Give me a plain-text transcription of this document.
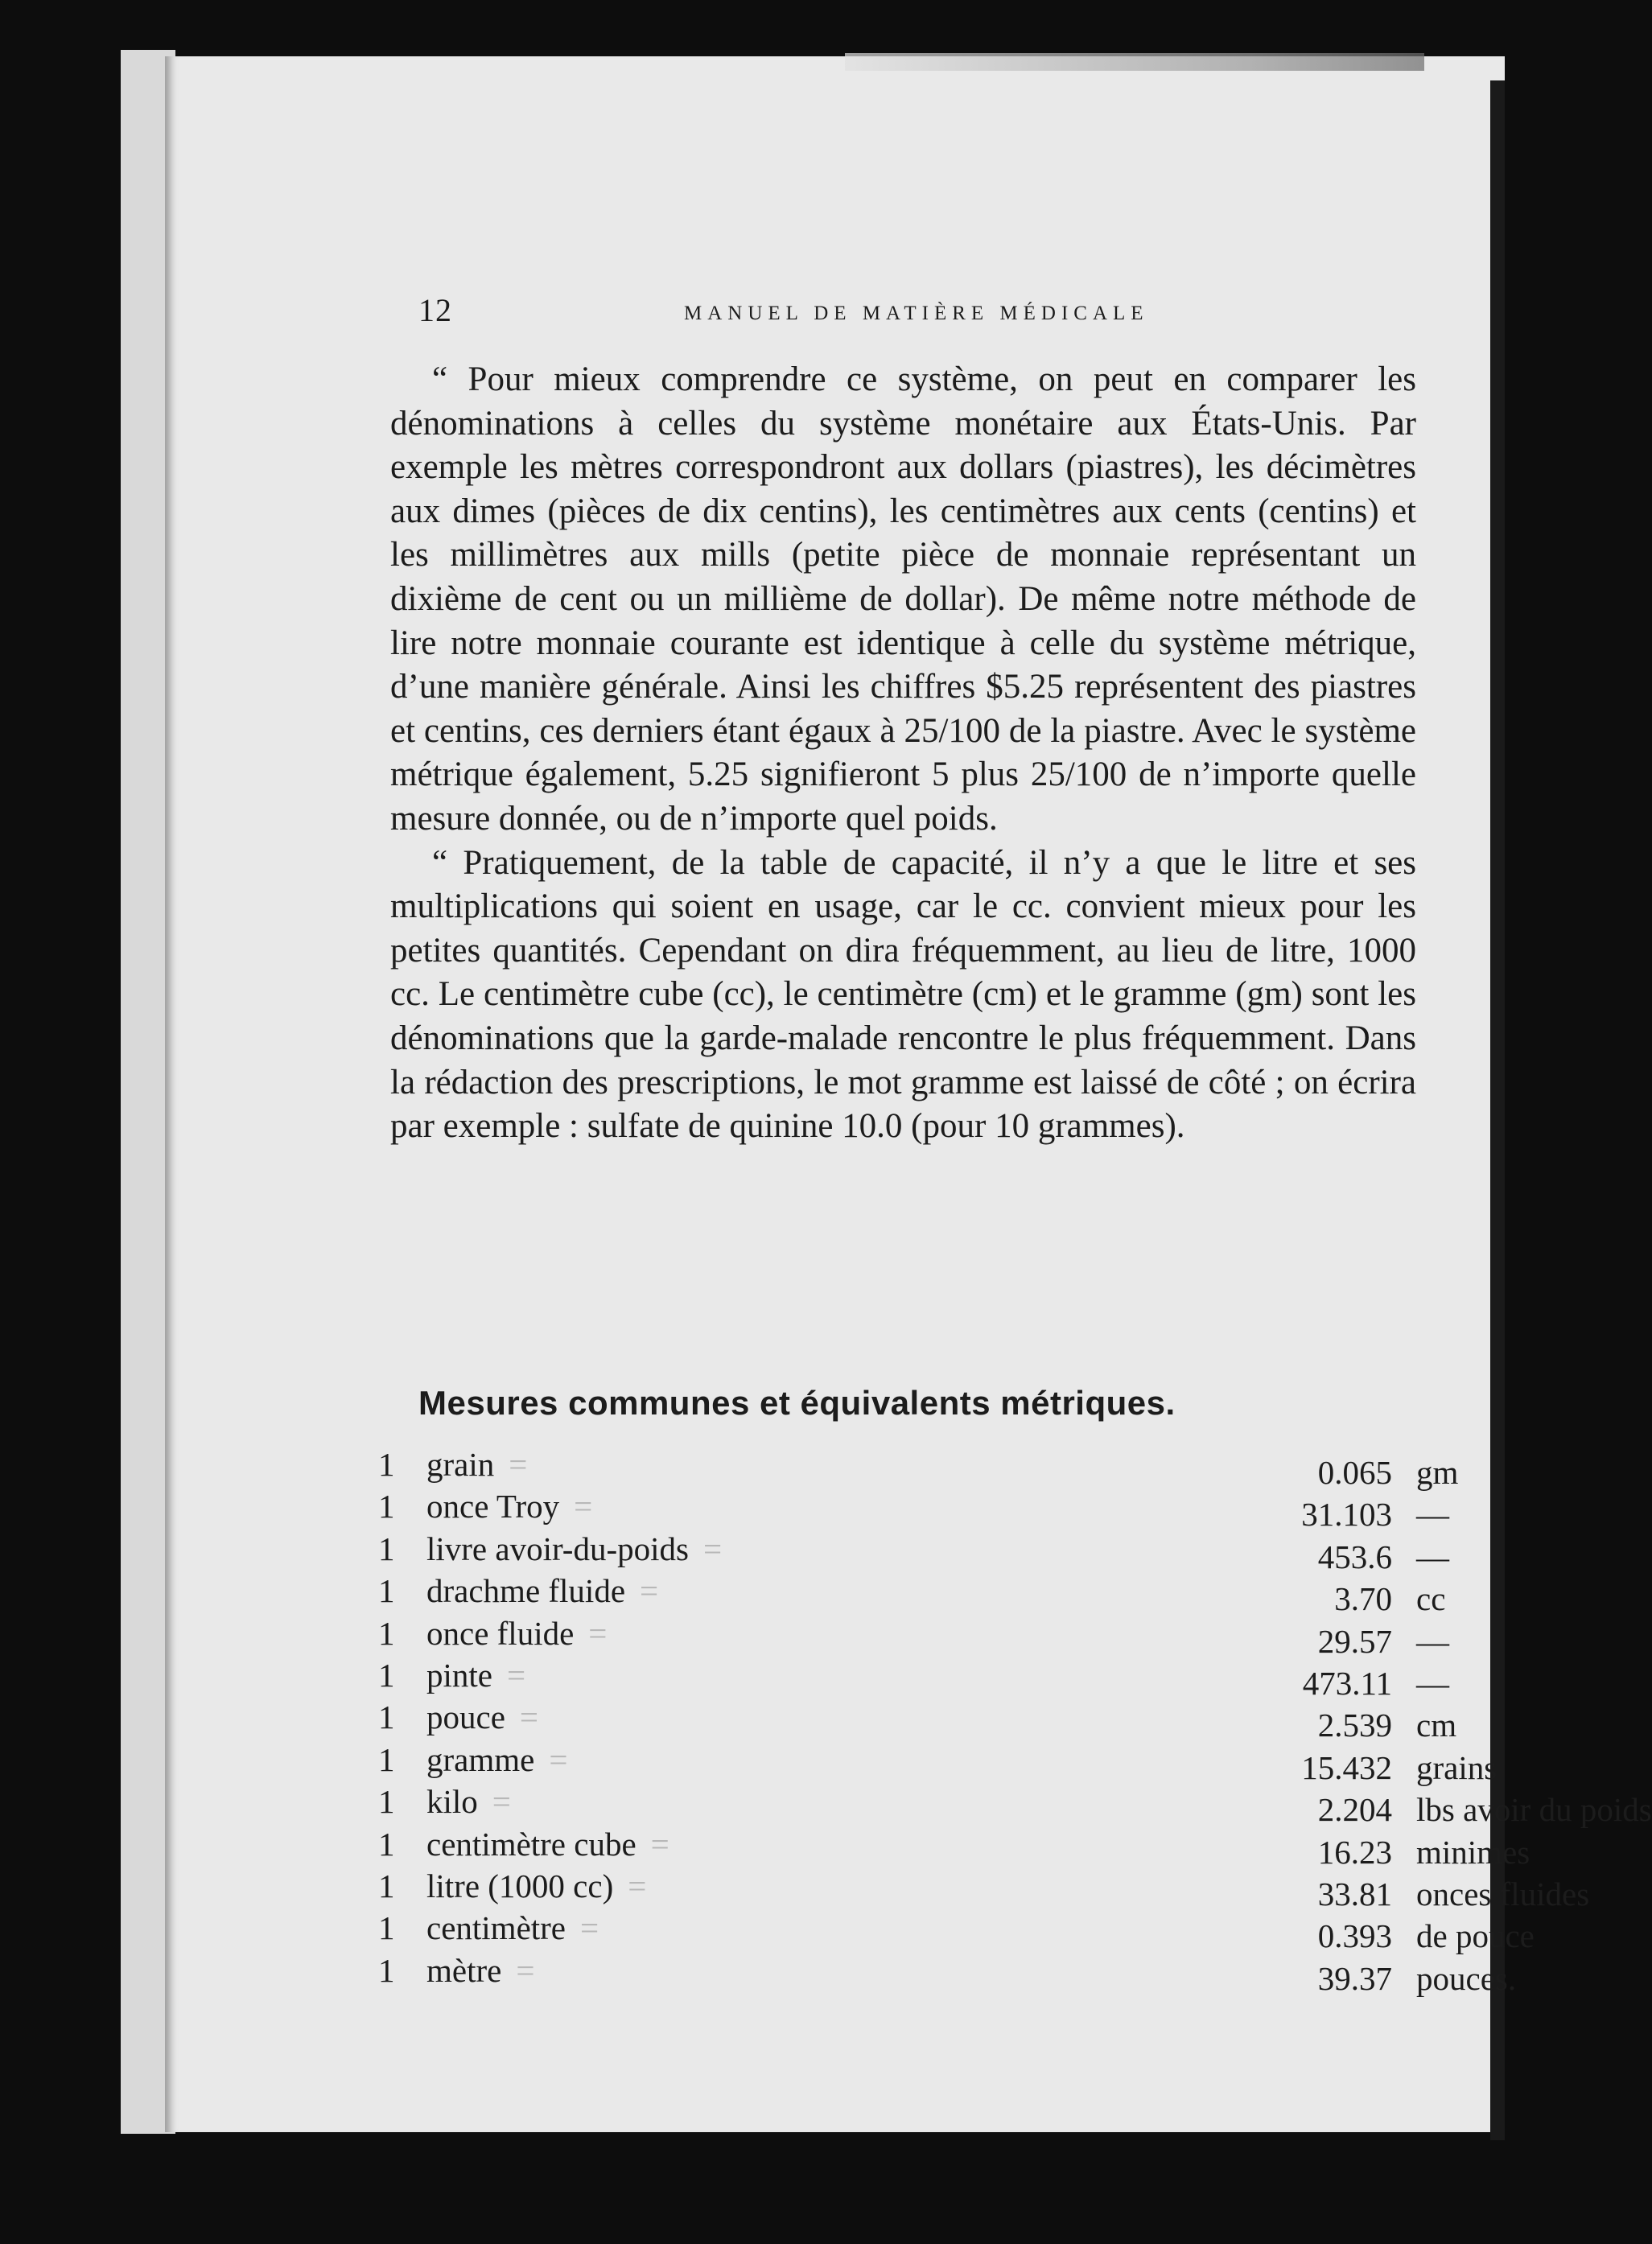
12	MANUEL DE MATIÈRE MÉDICALE

“ Pour mieux comprendre ce système, on peut en comparer les dénominations à celles du système monétaire aux États-Unis. Par exemple les mètres correspondront aux dollars (piastres), les décimètres aux dimes (pièces de dix centins), les centimètres aux cents (centins) et les millimètres aux mills (petite pièce de monnaie représentant un dixième de cent ou un millième de dollar). De même notre méthode de lire notre monnaie courante est identique à celle du système métrique, d’une manière générale. Ainsi les chiffres $5.25 représentent des piastres et centins, ces derniers étant égaux à 25/100 de la piastre. Avec le système métrique également, 5.25 signifieront 5 plus 25/100 de n’importe quelle mesure donnée, ou de n’importe quel poids.

“ Pratiquement, de la table de capacité, il n’y a que le litre et ses multiplications qui soient en usage, car le cc. convient mieux pour les petites quantités. Cependant on dira fréquemment, au lieu de litre, 1000 cc. Le centimètre cube (cc), le centimètre (cm) et le gramme (gm) sont les dénominations que la garde-malade rencontre le plus fréquemment. Dans la rédaction des prescriptions, le mot gramme est laissé de côté ; on écrira par exemple : sulfate de quinine 10.0 (pour 10 grammes).

Mesures communes et équivalents métriques.
1 grain =	0.065 gm
1 once Troy =	31.103 —
1 livre avoir-du-poids =	453.6 —
1 drachme fluide =	3.70 cc
1 once fluide =	29.57 —
1 pinte =	473.11 —
1 pouce =	2.539 cm
1 gramme =	15.432 grains
1 kilo =	2.204 lbs avoir du poids
1 centimètre cube =	16.23 minimes
1 litre (1000 cc) =	33.81 onces fluides
1 centimètre =	0.393 de pouce
1 mètre =	39.37 pouces.
